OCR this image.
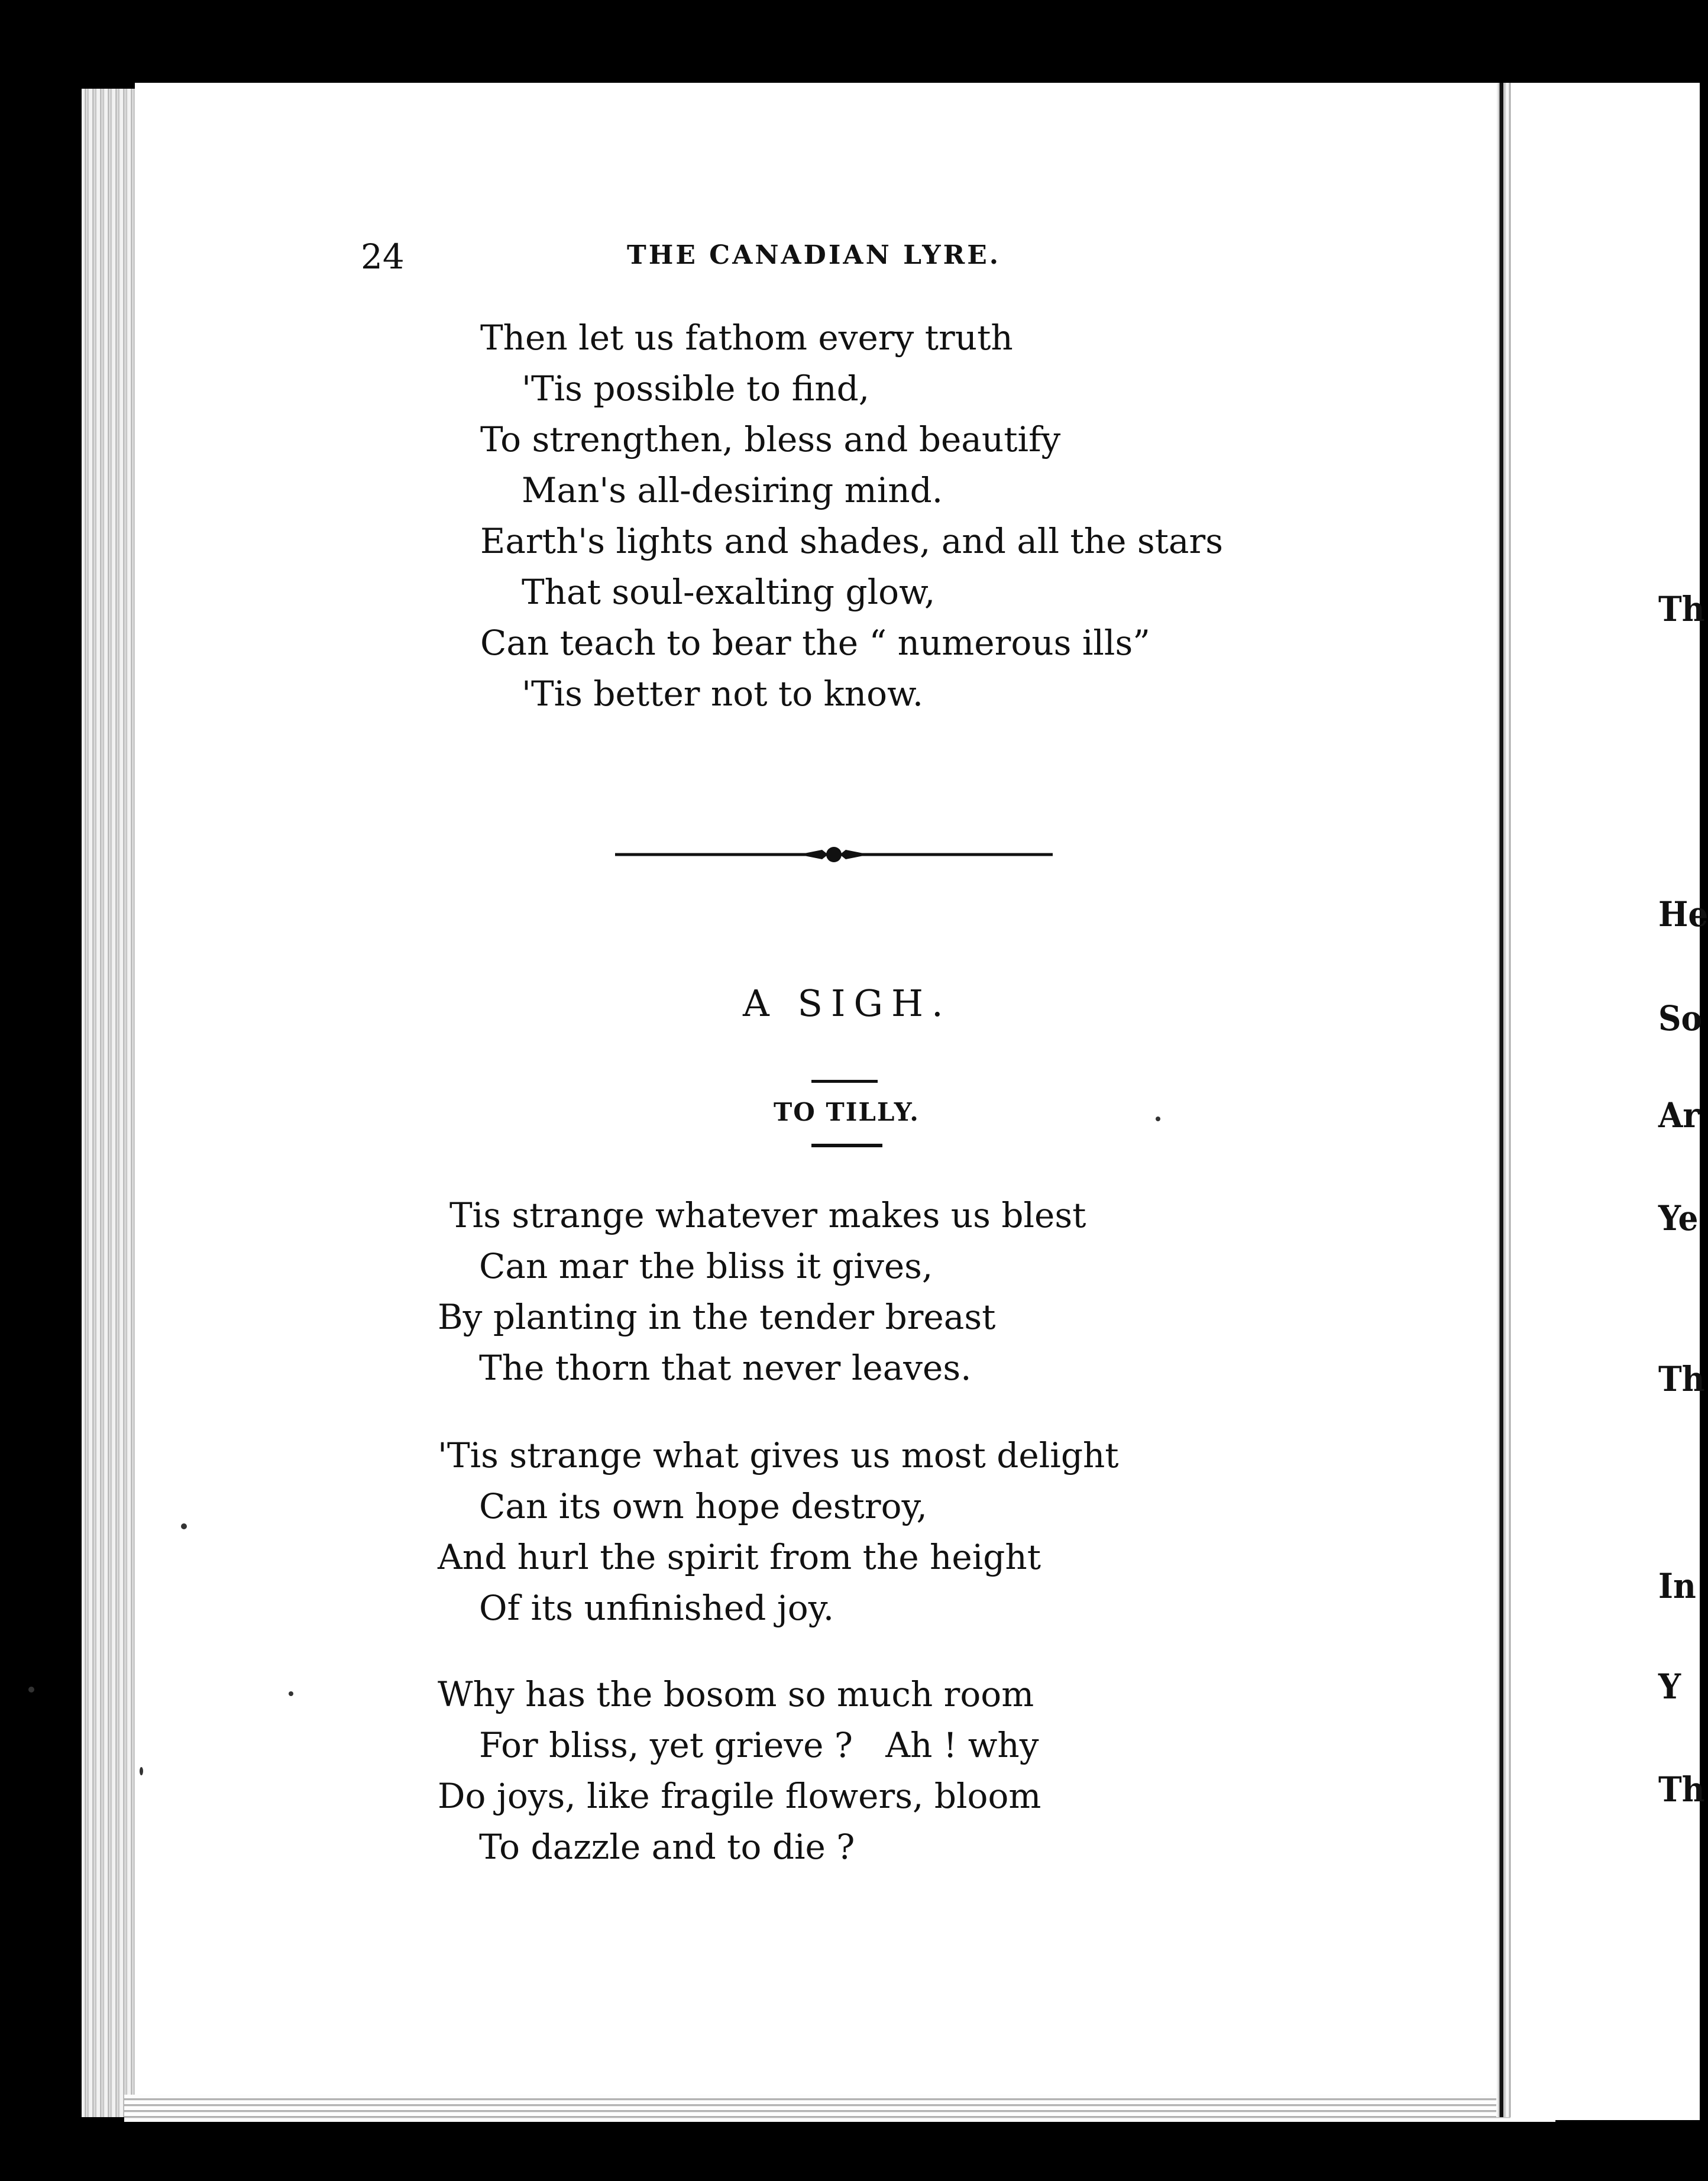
24	THE CANADIAN LYRE.
Then let us fathom every truth
'Tis possible to find,
To strengthen, bless and beautify
Man's all-desiring mind.
Earth's lights and shades, and all the stars
That soul-exalting glow,
Can teach to bear the “ numerous ills”
'Tis better not to know.
A SIGH.
TO TILLY.
Tis strange whatever makes us blest
Can mar the bliss it gives,
By planting in the tender breast
The thorn that never leaves.
'Tis strange what gives us most delight
Can its own hope destroy,
And hurl the spirit from the height
Of its unfinished joy.
Why has the bosom so much room
For bliss, yet grieve ?   Ah ! why
Do joys, like fragile flowers, bloom
To dazzle and to die ?
Th
He
So
Ar
Ye
Th
In
Y
Th
